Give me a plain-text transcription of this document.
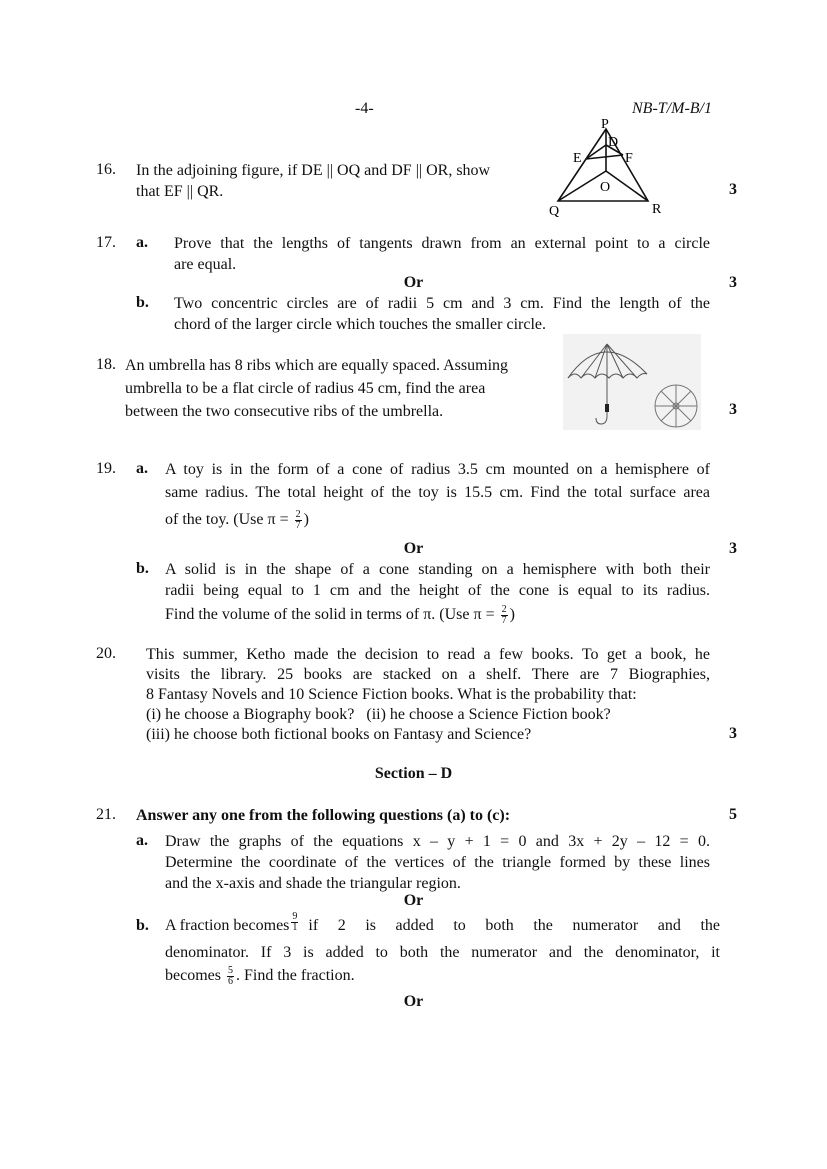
-4-	NB-T/M-B/1
16. In the adjoining figure, if DE || OQ and DF || OR, show
that EF || QR.	3
P
D
E	F
O
Q	R
17. a. Prove that the lengths of tangents drawn from an external point to a circle
are equal.
Or	3
b. Two concentric circles are of radii 5 cm and 3 cm. Find the length of the
chord of the larger circle which touches the smaller circle.
18. An umbrella has 8 ribs which are equally spaced. Assuming
umbrella to be a flat circle of radius 45 cm, find the area
between the two consecutive ribs of the umbrella.	3
19. a. A toy is in the form of a cone of radius 3.5 cm mounted on a hemisphere of
same radius. The total height of the toy is 15.5 cm. Find the total surface area
of the toy. (Use $\pi = \frac{2}{7}$ )
Or	3
b. A solid is in the shape of a cone standing on a hemisphere with both their
radii being equal to 1 cm and the height of the cone is equal to its radius.
Find the volume of the solid in terms of π. (Use $\pi = \frac{2}{7}$ )
20. This summer, Ketho made the decision to read a few books. To get a book, he
visits the library. 25 books are stacked on a shelf. There are 7 Biographies,
8 Fantasy Novels and 10 Science Fiction books. What is the probability that:
(i) he choose a Biography book?   (ii) he choose a Science Fiction book?
(iii) he choose both fictional books on Fantasy and Science?	3
Section – D
21. Answer any one from the following questions (a) to (c):	5
a. Draw the graphs of the equations x – y + 1 = 0 and 3x + 2y – 12 = 0.
Determine the coordinate of the vertices of the triangle formed by these lines
and the x-axis and shade the triangular region.
Or
b. A fraction becomes $\frac{9}{1}$ if 2 is added to both the numerator and the
denominator. If 3 is added to both the numerator and the denominator, it
becomes $\frac{5}{6}$ . Find the fraction.
Or
